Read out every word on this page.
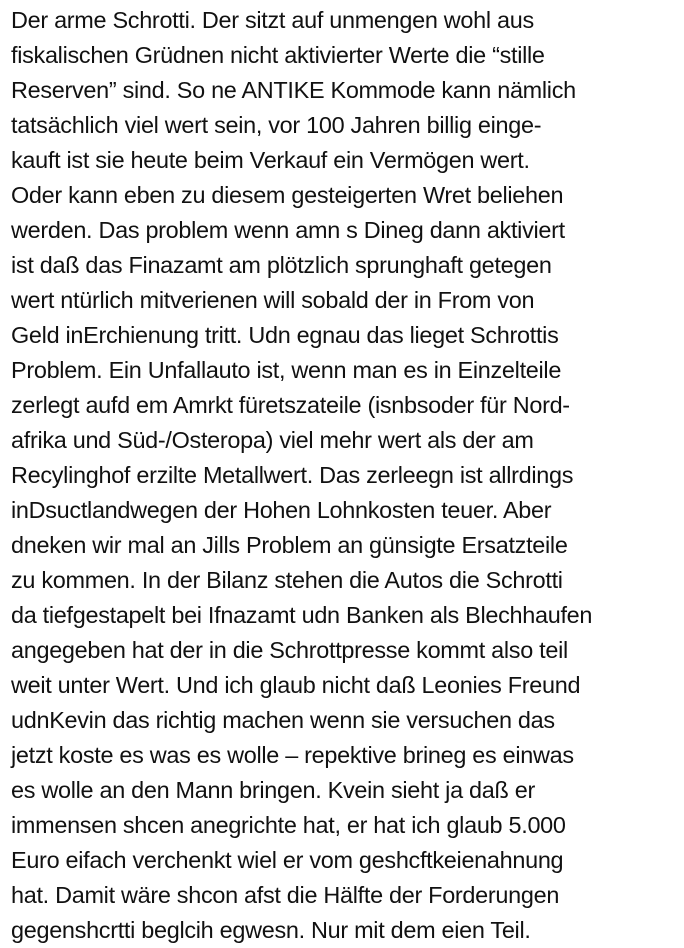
Der arme Schrotti. Der sitzt auf unmengen wohl aus
fiskalischen Grüdnen nicht aktivierter Werte die “stille
Reserven” sind. So ne ANTIKE Kommode kann nämlich
tatsächlich viel wert sein, vor 100 Jahren billig einge-
kauft ist sie heute beim Verkauf ein Vermögen wert.
Oder kann eben zu diesem gesteigerten Wret beliehen
werden. Das problem wenn amn s Dineg dann aktiviert
ist daß das Finazamt am plötzlich sprunghaft getegen
wert ntürlich mitverienen will sobald der in From von
Geld inErchienung tritt. Udn egnau das lieget Schrottis
Problem. Ein Unfallauto ist, wenn man es in Einzelteile
zerlegt aufd em Amrkt füretszateile (isnbsoder für Nord-
afrika und Süd-/Osteropa) viel mehr wert als der am
Recylinghof erzilte Metallwert. Das zerleegn ist allrdings
inDsuctlandwegen der Hohen Lohnkosten teuer. Aber
dneken wir mal an Jills Problem an günsigte Ersatzteile
zu kommen. In der Bilanz stehen die Autos die Schrotti
da tiefgestapelt bei Ifnazamt udn Banken als Blechhaufen
angegeben hat der in die Schrottpresse kommt also teil
weit unter Wert. Und ich glaub nicht daß Leonies Freund
udnKevin das richtig machen wenn sie versuchen das
jetzt koste es was es wolle – repektive brineg es einwas
es wolle an den Mann bringen. Kvein sieht ja daß er
immensen shcen anegrichte hat, er hat ich glaub 5.000
Euro eifach verchenkt wiel er vom geshcftkeienahnung
hat. Damit wäre shcon afst die Hälfte der Forderungen
gegenshcrtti beglcih egwesn. Nur mit dem eien Teil.
